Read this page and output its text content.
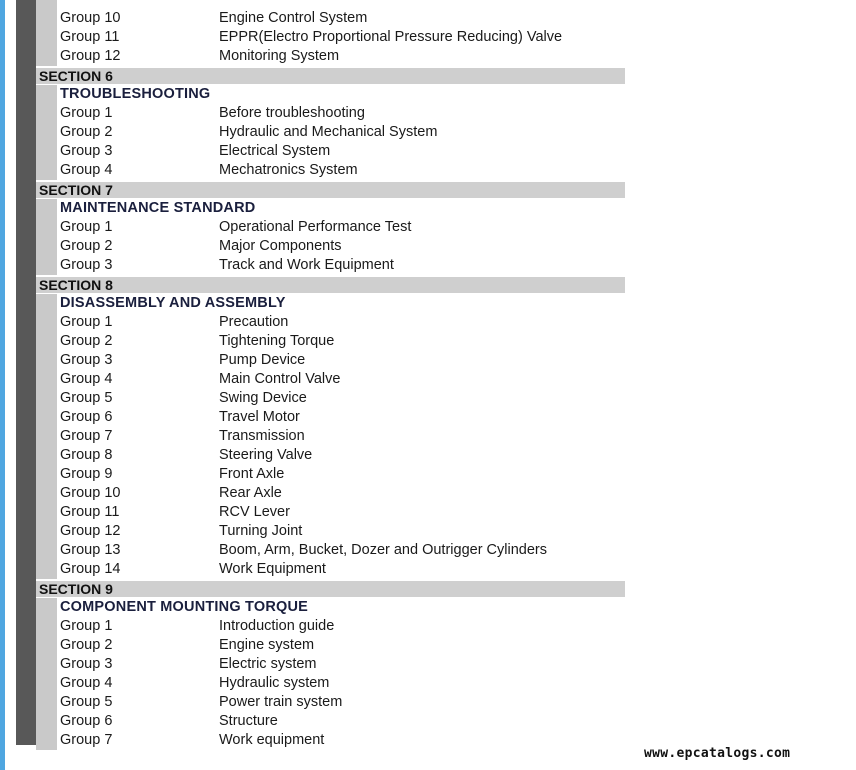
Group 10	Engine Control System
Group 11	EPPR(Electro Proportional Pressure Reducing) Valve
Group 12	Monitoring System
SECTION 6
TROUBLESHOOTING
Group 1	Before troubleshooting
Group 2	Hydraulic and Mechanical System
Group 3	Electrical System
Group 4	Mechatronics System
SECTION 7
MAINTENANCE STANDARD
Group 1	Operational Performance Test
Group 2	Major Components
Group 3	Track and Work Equipment
SECTION 8
DISASSEMBLY AND ASSEMBLY
Group 1	Precaution
Group 2	Tightening Torque
Group 3	Pump Device
Group 4	Main Control Valve
Group 5	Swing Device
Group 6	Travel Motor
Group 7	Transmission
Group 8	Steering Valve
Group 9	Front Axle
Group 10	Rear Axle
Group 11	RCV Lever
Group 12	Turning Joint
Group 13	Boom, Arm, Bucket, Dozer and Outrigger Cylinders
Group 14	Work Equipment
SECTION 9
COMPONENT MOUNTING TORQUE
Group 1	Introduction guide
Group 2	Engine system
Group 3	Electric system
Group 4	Hydraulic system
Group 5	Power train system
Group 6	Structure
Group 7	Work equipment
www.epcatalogs.com
